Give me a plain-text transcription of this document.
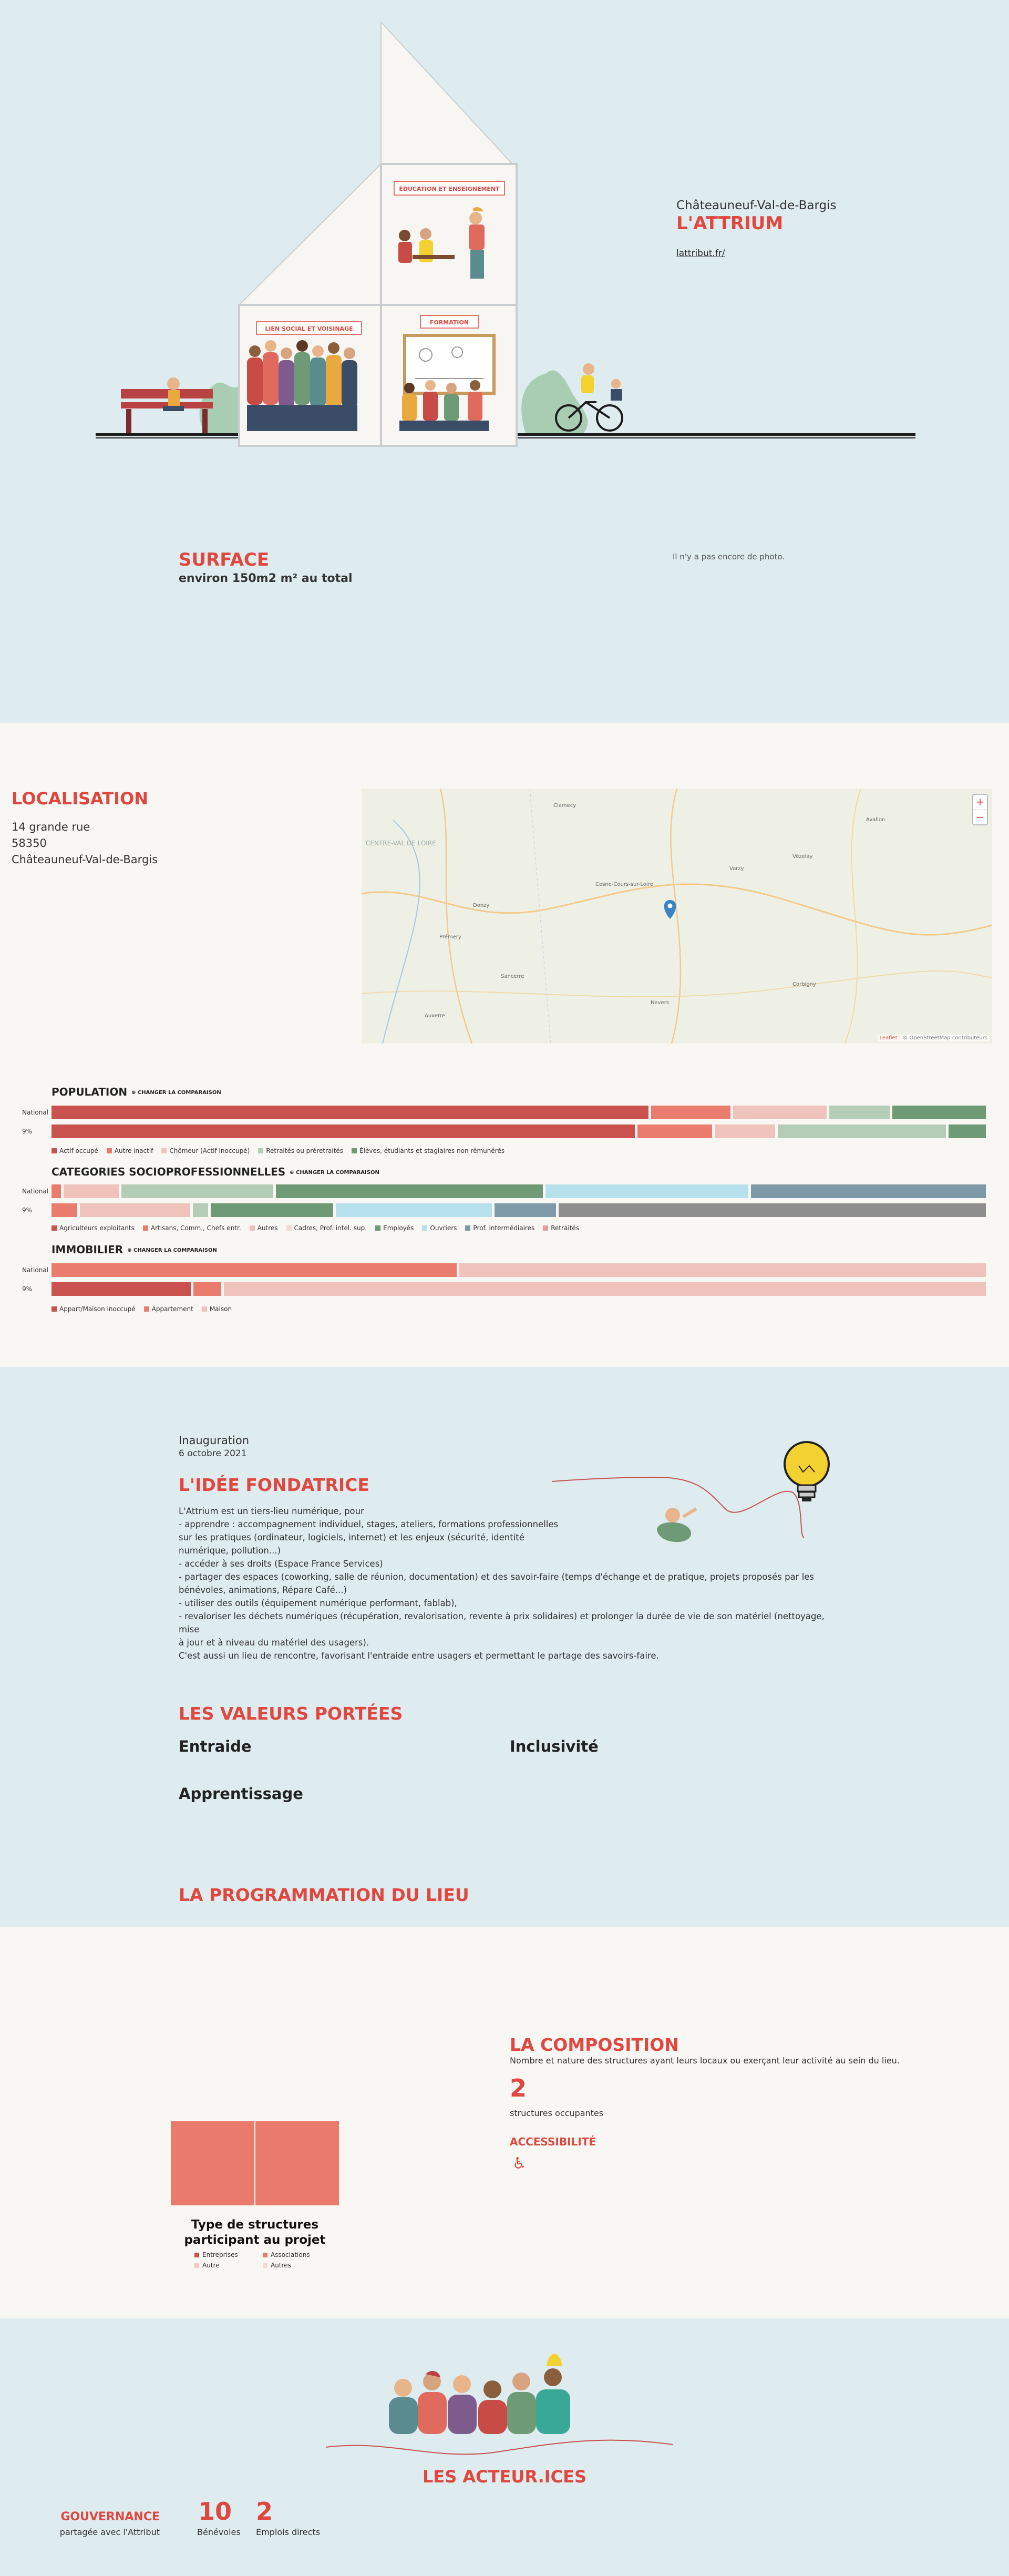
ÉDUCATION ET ENSEIGNEMENT
LIEN SOCIAL ET VOISINAGE
FORMATION
Châteauneuf-Val-de-Bargis
L'ATTRIUM
lattribut.fr/
SURFACE
environ 150m2 m² au total
Il n'y a pas encore de photo.
LOCALISATION
14 grande rue
58350
Châteauneuf-Val-de-Bargis
CENTRE-VAL DE LOIRE
Clamecy
Cosne-Cours-sur-Loire
Donzy
Varzy
Prémery
Vézelay
Corbigny
Nevers
Sancerre
Avallon
Auxerre
+
−
Leaflet | © OpenStreetMap contributeurs
POPULATION ⊕ CHANGER LA COMPARAISON
National
9%
Actif occupé	Autre inactif	Chômeur (Actif inoccupé)	Retraités ou préretraités	Élèves, étudiants et stagiaires non rémunérés
CATEGORIES SOCIOPROFESSIONNELLES ⊕ CHANGER LA COMPARAISON
National
9%
Agriculteurs exploitants	Artisans, Comm., Chefs entr.	Autres	Cadres, Prof. intel. sup.	Employés	Ouvriers	Prof. intermédiaires	Retraités
IMMOBILIER ⊕ CHANGER LA COMPARAISON
National
9%
Appart/Maison inoccupé	Appartement	Maison
Inauguration
6 octobre 2021
L'IDÉE FONDATRICE

L'Attrium est un tiers-lieu numérique, pour
- apprendre : accompagnement individuel, stages, ateliers, formations professionnelles
sur les pratiques (ordinateur, logiciels, internet) et les enjeux (sécurité, identité
numérique, pollution...)
- accéder à ses droits (Espace France Services)
- partager des espaces (coworking, salle de réunion, documentation) et des savoir-faire (temps d'échange et de pratique, projets proposés par les
bénévoles, animations, Répare Café...)
- utiliser des outils (équipement numérique performant, fablab),
- revaloriser les déchets numériques (récupération, revalorisation, revente à prix solidaires) et prolonger la durée de vie de son matériel (nettoyage, mise
à jour et à niveau du matériel des usagers).
C'est aussi un lieu de rencontre, favorisant l'entraide entre usagers et permettant le partage des savoirs-faire.

LES VALEURS PORTÉES
Entraide	Inclusivité
Apprentissage
LA PROGRAMMATION DU LIEU
LA COMPOSITION
Nombre et nature des structures ayant leurs locaux ou exerçant leur activité au sein du lieu.
2
structures occupantes
ACCESSIBILITÉ
♿
Type de structures participant au projet
Entreprises	Associations
Autre	Autres
LES ACTEUR.ICES
GOUVERNANCE
partagée avec l'Attribut
10
Bénévoles
2
Emplois directs
